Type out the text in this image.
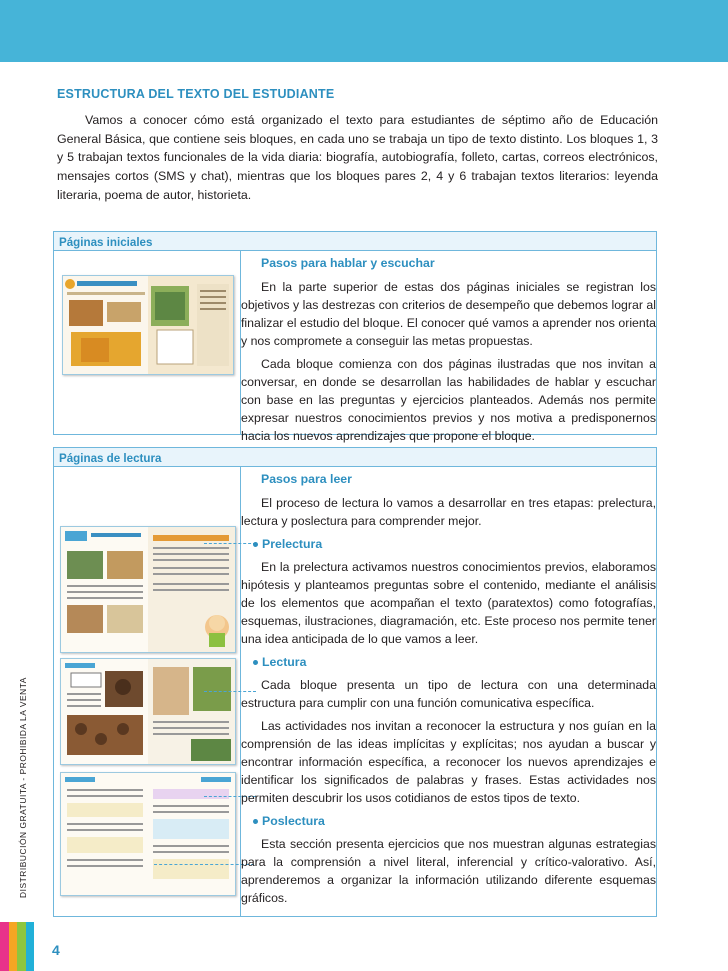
DISTRIBUCIÓN GRATUITA - PROHIBIDA LA VENTA
ESTRUCTURA DEL TEXTO DEL ESTUDIANTE
Vamos a conocer cómo está organizado el texto para estudiantes de séptimo año de Educación General Básica, que contiene seis bloques, en cada uno se trabaja un tipo de texto distinto. Los bloques 1, 3 y 5 trabajan textos funcionales de la vida diaria: biografía, autobiografía, folleto, cartas, correos electrónicos, mensajes cortos (SMS y chat), mientras que los bloques pares 2, 4 y 6 trabajan textos literarios: leyenda literaria, poema de autor, historieta.
Páginas iniciales
Pasos para hablar y escuchar

En la parte superior de estas dos páginas iniciales se registran los objetivos y las destrezas con criterios de desempeño que debemos lograr al finalizar el estudio del bloque. El conocer qué vamos a aprender nos orienta y nos compromete a conseguir las metas propuestas.

Cada bloque comienza con dos páginas ilustradas que nos invitan a conversar, en donde se desarrollan las habilidades de hablar y escuchar con base en las preguntas y ejercicios planteados. Además nos permite expresar nuestros conocimientos previos y nos motiva a predisponernos hacia los nuevos aprendizajes que propone el bloque.

Páginas de lectura
Pasos para leer

El proceso de lectura lo vamos a desarrollar en tres etapas: prelectura, lectura y poslectura para comprender mejor.

Prelectura

En la prelectura activamos nuestros conocimientos previos, elaboramos hipótesis y planteamos preguntas sobre el contenido, mediante el análisis de los elementos que acompañan el texto (paratextos) como fotografías, esquemas, ilustraciones, diagramación, etc. Este proceso nos permite tener una idea anticipada de lo que vamos a leer.

Lectura

Cada bloque presenta un tipo de lectura con una determinada estructura para cumplir con una función comunicativa específica.

Las actividades nos invitan a reconocer la estructura y nos guían en la comprensión de las ideas implícitas y explícitas; nos ayudan a buscar y encontrar información específica, a reconocer los nuevos aprendizajes e identificar los significados de palabras y frases. Estas actividades nos permiten descubrir los usos cotidianos de estos tipos de texto.

Poslectura

Esta sección presenta ejercicios que nos muestran algunas estrategias para la comprensión a nivel literal, inferencial y crítico-valorativo. Así, aprenderemos a organizar la información utilizando diferente esquemas gráficos.

4
